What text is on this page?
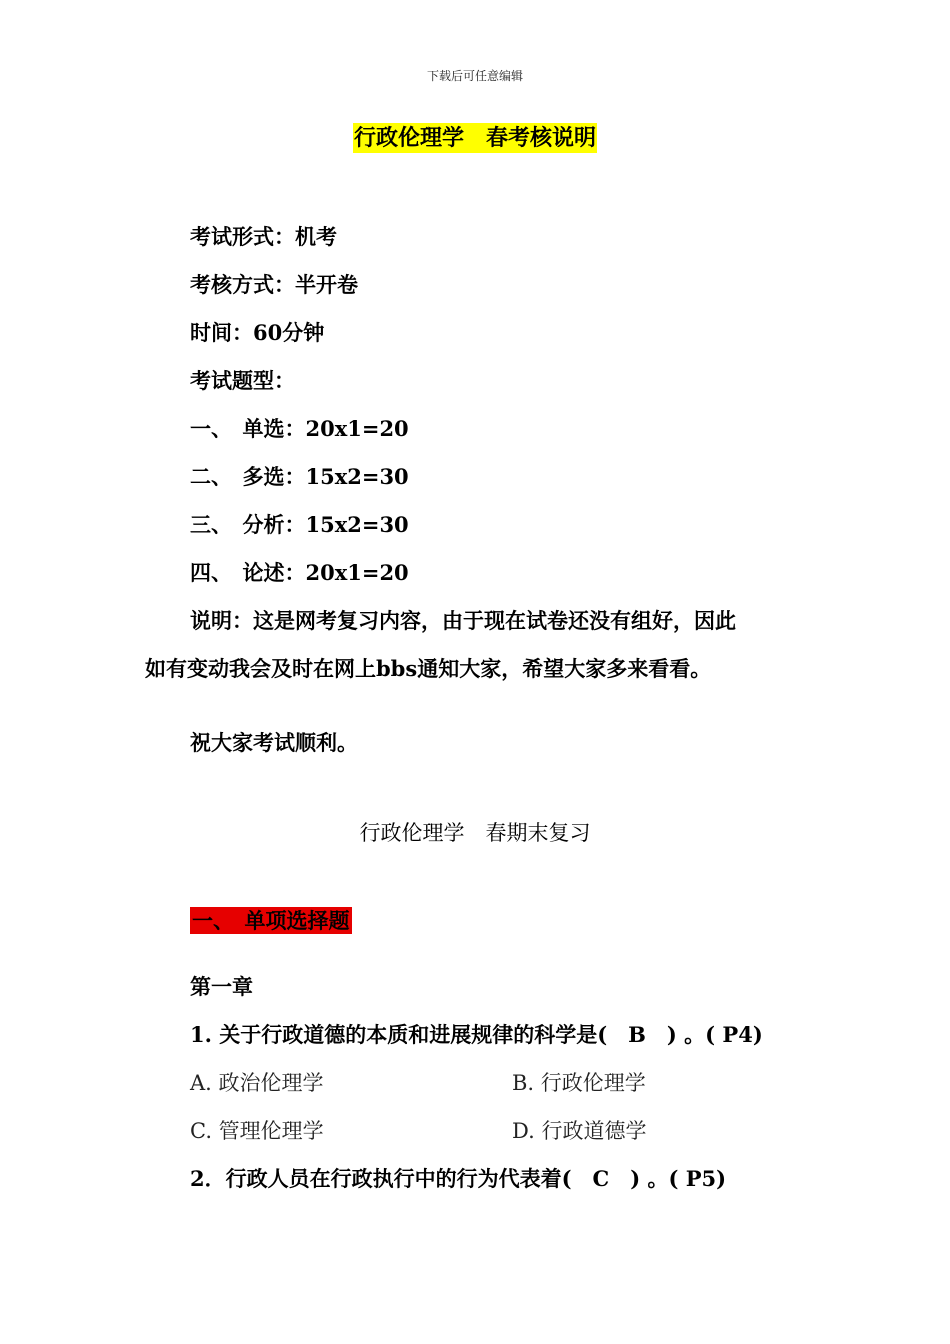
下载后可任意编辑
行政伦理学　春考核说明
考试形式：机考
考核方式：半开卷
时间：60分钟
考试题型：
一、　单选：20x1=20
二、　多选：15x2=30
三、　分析：15x2=30
四、　论述：20x1=20
说明：这是网考复习内容，由于现在试卷还没有组好，因此
如有变动我会及时在网上bbs通知大家，希望大家多来看看。
祝大家考试顺利。
行政伦理学　春期末复习
一、　单项选择题
第一章
1. 关于行政道德的本质和进展规律的科学是(　B　) 。( P4)
A. 政治伦理学	B. 行政伦理学
C. 管理伦理学	D. 行政道德学
2．行政人员在行政执行中的行为代表着(　C　) 。( P5)
